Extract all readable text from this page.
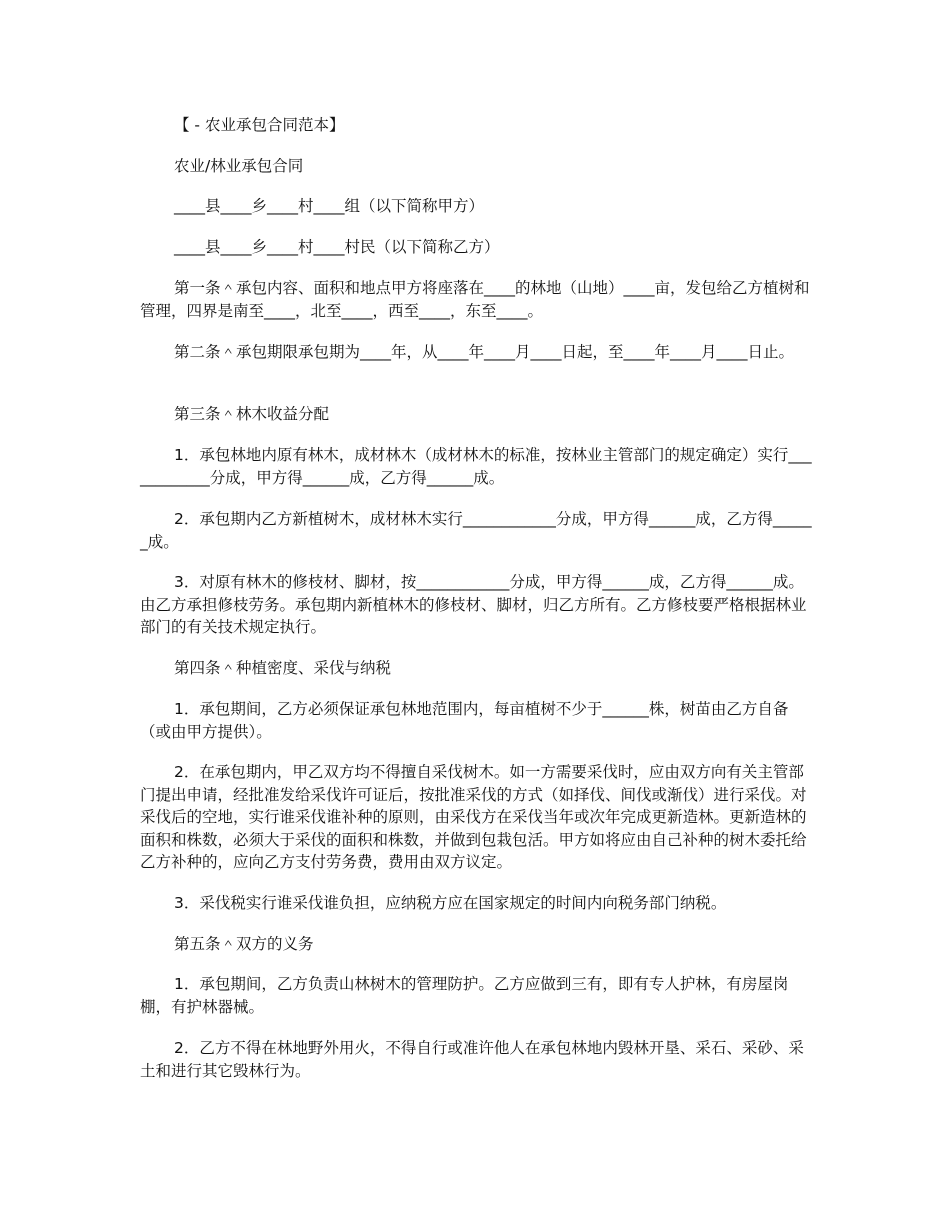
【 - 农业承包合同范本】

农业/林业承包合同

____县____乡____村____组（以下简称甲方）

____县____乡____村____村民（以下简称乙方）

第一条＾承包内容、面积和地点甲方将座落在____的林地（山地）____亩，发包给乙方植树和管理，四界是南至____，北至____，西至____，东至____。

第二条＾承包期限承包期为____年，从____年____月____日起，至____年____月____日止。

第三条＾林木收益分配

1．承包林地内原有林木，成材林木（成材林木的标准，按林业主管部门的规定确定）实行____________分成，甲方得______成，乙方得______成。

2．承包期内乙方新植树木，成材林木实行____________分成，甲方得______成，乙方得______成。

3．对原有林木的修枝材、脚材，按____________分成，甲方得______成，乙方得______成。由乙方承担修枝劳务。承包期内新植林木的修枝材、脚材，归乙方所有。乙方修枝要严格根据林业部门的有关技术规定执行。

第四条＾种植密度、采伐与纳税

1．承包期间，乙方必须保证承包林地范围内，每亩植树不少于______株，树苗由乙方自备（或由甲方提供）。

2．在承包期内，甲乙双方均不得擅自采伐树木。如一方需要采伐时，应由双方向有关主管部门提出申请，经批准发给采伐许可证后，按批准采伐的方式（如择伐、间伐或渐伐）进行采伐。对采伐后的空地，实行谁采伐谁补种的原则，由采伐方在采伐当年或次年完成更新造林。更新造林的面积和株数，必须大于采伐的面积和株数，并做到包栽包活。甲方如将应由自己补种的树木委托给乙方补种的，应向乙方支付劳务费，费用由双方议定。

3．采伐税实行谁采伐谁负担，应纳税方应在国家规定的时间内向税务部门纳税。

第五条＾双方的义务

1．承包期间，乙方负责山林树木的管理防护。乙方应做到三有，即有专人护林，有房屋岗棚，有护林器械。

2．乙方不得在林地野外用火，不得自行或准许他人在承包林地内毁林开垦、采石、采砂、采土和进行其它毁林行为。
